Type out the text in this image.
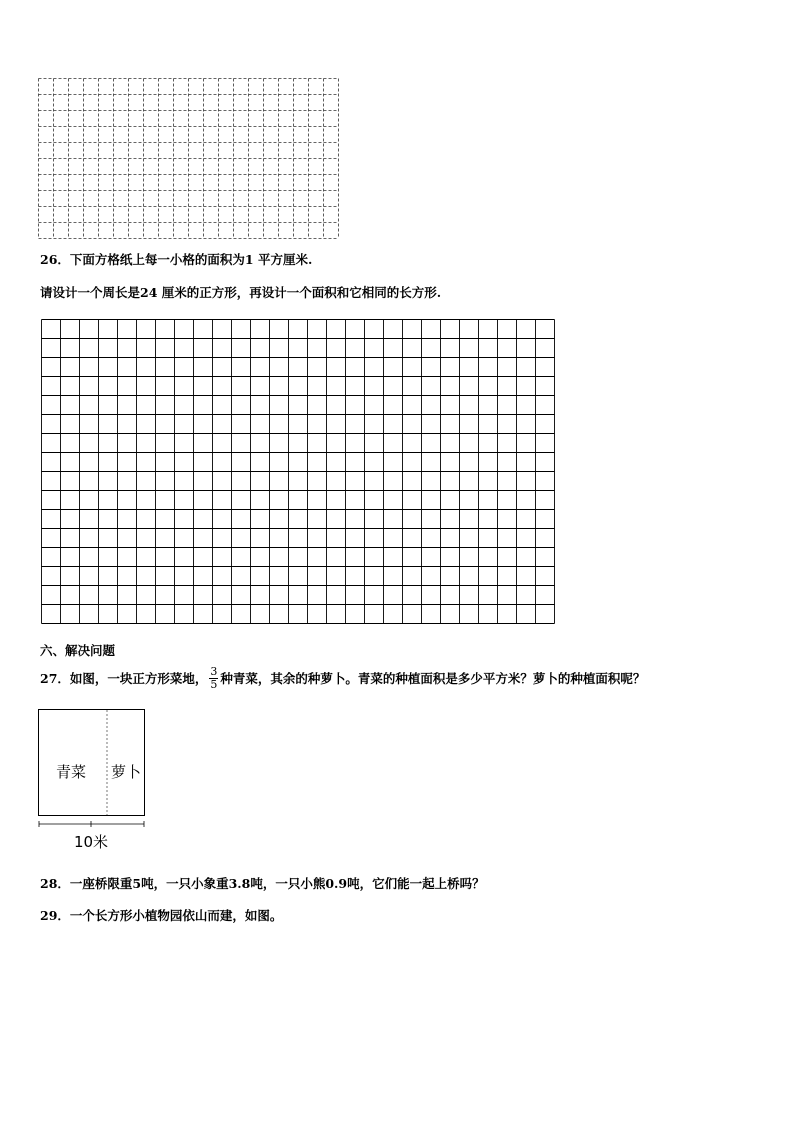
26．下面方格纸上每一小格的面积为1 平方厘米.
请设计一个周长是24 厘米的正方形，再设计一个面积和它相同的长方形.
六、解决问题
27． 如图，一块正方形菜地， $\frac{3}{5}$ 种青菜，其余的种萝卜。青菜的种植面积是多少平方米？萝卜的种植面积呢？
青菜 萝卜
10米
28．一座桥限重5吨，一只小象重3.8吨，一只小熊0.9吨，它们能一起上桥吗？
29．一个长方形小植物园依山而建，如图。
